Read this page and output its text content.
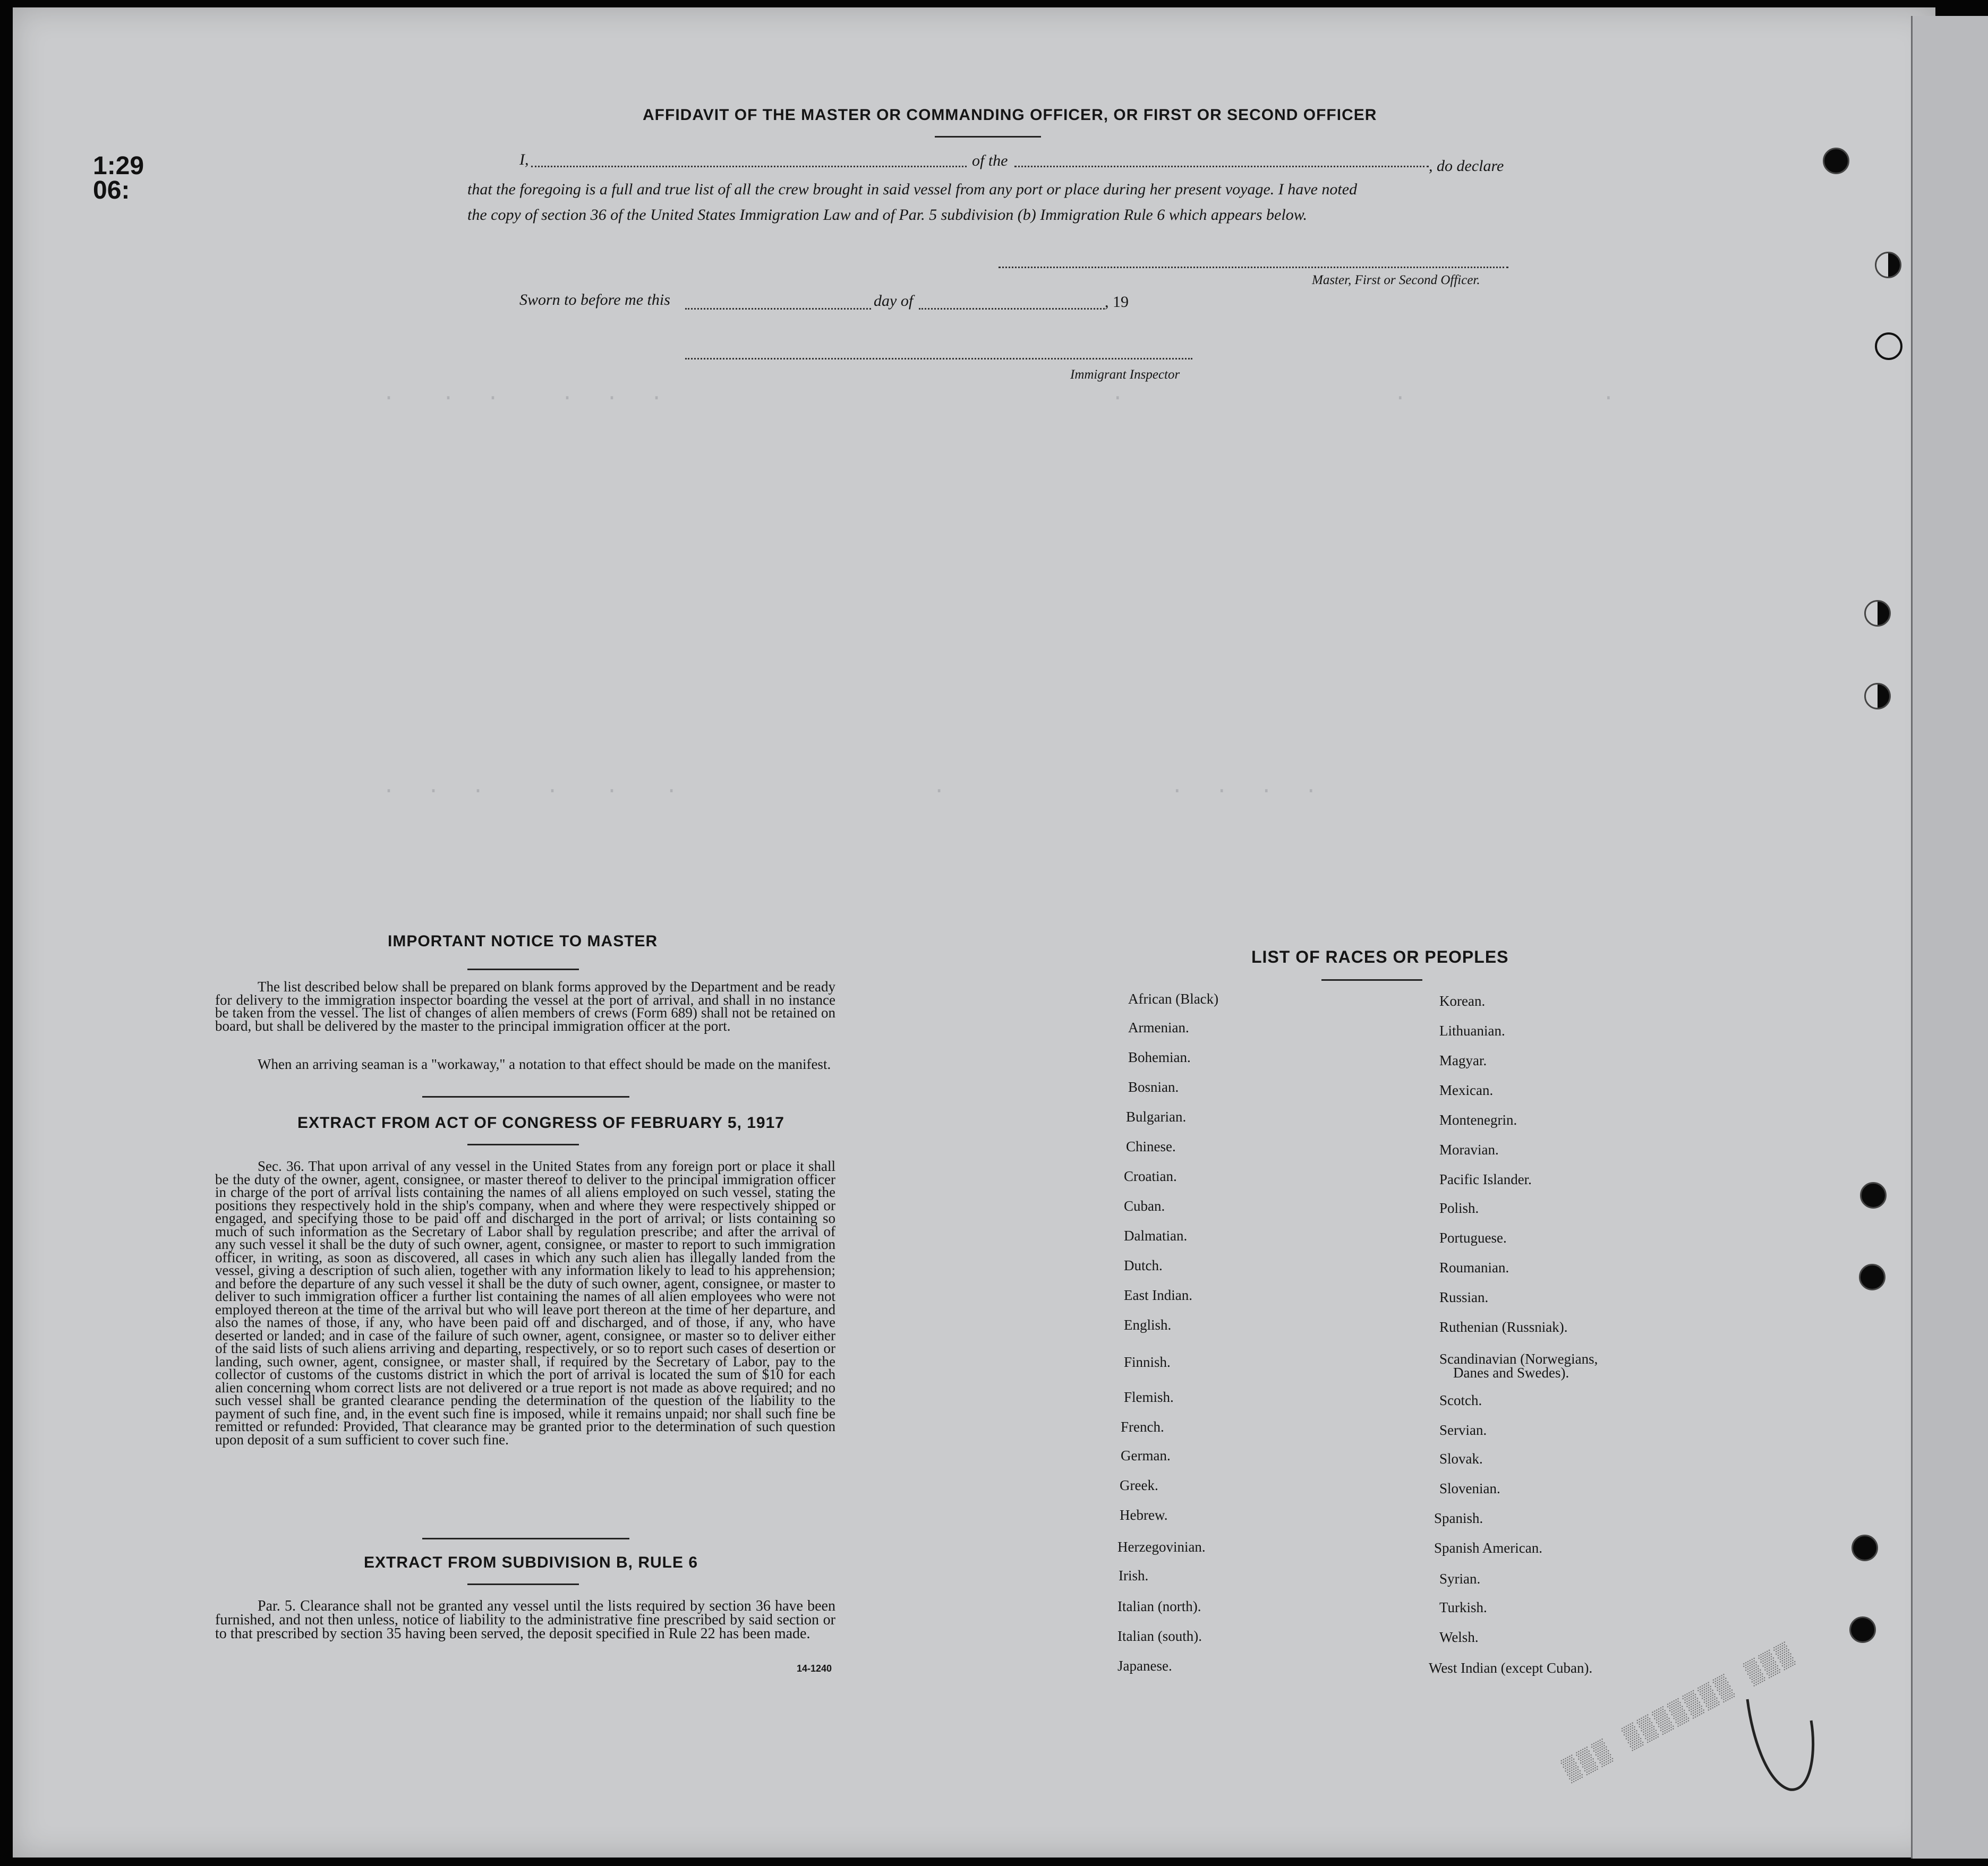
.   .  .    .  .  .                              .                  .             .
.  .  .    .   .   .                 .               .  .  .  .
1:29
06:
AFFIDAVIT OF THE MASTER OR COMMANDING OFFICER, OR FIRST OR SECOND OFFICER
I,	of the	, do declare
that the foregoing is a full and true list of all the crew brought in said vessel from any port or place during her present voyage. I have noted
the copy of section 36 of the United States Immigration Law and of Par. 5 subdivision (b) Immigration Rule 6 which appears below.
Master, First or Second Officer.
Sworn to before me this	day of	, 19
Immigrant Inspector
IMPORTANT NOTICE TO MASTER
The list described below shall be prepared on blank forms approved by the Department and be ready for delivery to the immigration inspector boarding the vessel at the port of arrival, and shall in no instance be taken from the vessel. The list of changes of alien members of crews (Form 689) shall not be retained on board, but shall be delivered by the master to the principal immigration officer at the port.
When an arriving seaman is a "workaway," a notation to that effect should be made on the manifest.
EXTRACT FROM ACT OF CONGRESS OF FEBRUARY 5, 1917
Sec. 36. That upon arrival of any vessel in the United States from any foreign port or place it shall be the duty of the owner, agent, consignee, or master thereof to deliver to the principal immigration officer in charge of the port of arrival lists containing the names of all aliens employed on such vessel, stating the positions they respectively hold in the ship's company, when and where they were respectively shipped or engaged, and specifying those to be paid off and discharged in the port of arrival; or lists containing so much of such information as the Secretary of Labor shall by regulation prescribe; and after the arrival of any such vessel it shall be the duty of such owner, agent, consignee, or master to report to such immigration officer, in writing, as soon as discovered, all cases in which any such alien has illegally landed from the vessel, giving a description of such alien, together with any information likely to lead to his apprehension; and before the departure of any such vessel it shall be the duty of such owner, agent, consignee, or master to deliver to such immigration officer a further list containing the names of all alien employees who were not employed thereon at the time of the arrival but who will leave port thereon at the time of her departure, and also the names of those, if any, who have been paid off and discharged, and of those, if any, who have deserted or landed; and in case of the failure of such owner, agent, consignee, or master so to deliver either of the said lists of such aliens arriving and departing, respectively, or so to report such cases of desertion or landing, such owner, agent, consignee, or master shall, if required by the Secretary of Labor, pay to the collector of customs of the customs district in which the port of arrival is located the sum of $10 for each alien concerning whom correct lists are not delivered or a true report is not made as above required; and no such vessel shall be granted clearance pending the determination of the question of the liability to the payment of such fine, and, in the event such fine is imposed, while it remains unpaid; nor shall such fine be remitted or refunded: Provided, That clearance may be granted prior to the determination of such question upon deposit of a sum sufficient to cover such fine.
EXTRACT FROM SUBDIVISION B, RULE 6
Par. 5. Clearance shall not be granted any vessel until the lists required by section 36 have been furnished, and not then unless, notice of liability to the administrative fine prescribed by said section or to that prescribed by section 35 having been served, the deposit specified in Rule 22 has been made.
14-1240
LIST OF RACES OR PEOPLES
African (Black)
Armenian.
Bohemian.
Bosnian.
Bulgarian.
Chinese.
Croatian.
Cuban.
Dalmatian.
Dutch.
East Indian.
English.
Finnish.
Flemish.
French.
German.
Greek.
Hebrew.
Herzegovinian.
Irish.
Italian (north).
Italian (south).
Japanese.
Korean.
Lithuanian.
Magyar.
Mexican.
Montenegrin.
Moravian.
Pacific Islander.
Polish.
Portuguese.
Roumanian.
Russian.
Ruthenian (Russniak).
Scandinavian (Norwegians,
Danes and Swedes).
Scotch.
Servian.
Slovak.
Slovenian.
Spanish.
Spanish American.
Syrian.
Turkish.
Welsh.
West Indian (except Cuban).
▒▒▒ ▒▒▒▒▒▒▒ ▒▒▒
